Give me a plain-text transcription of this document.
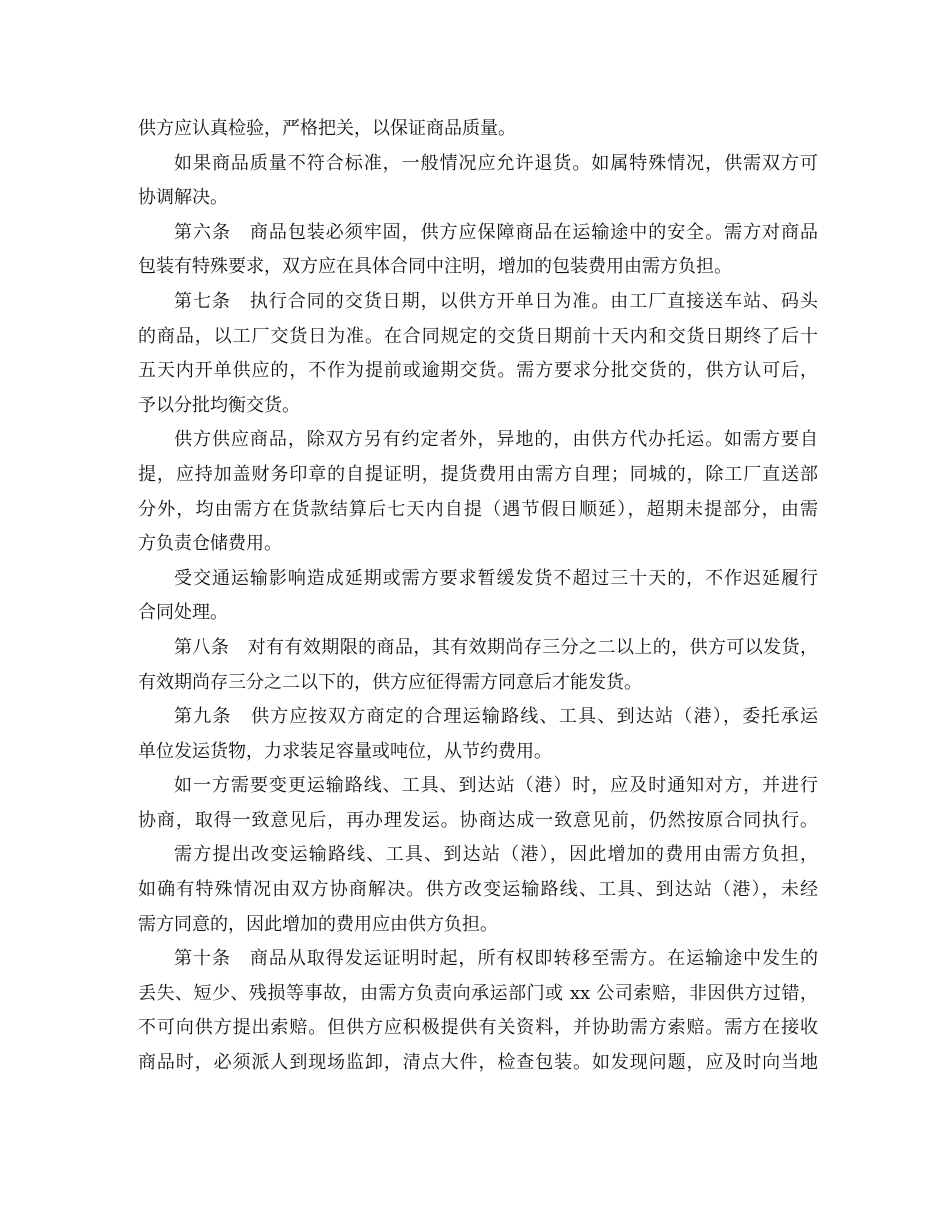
供方应认真检验，严格把关，以保证商品质量。
如果商品质量不符合标准，一般情况应允许退货。如属特殊情况，供需双方可
协调解决。
第六条　商品包装必须牢固，供方应保障商品在运输途中的安全。需方对商品
包装有特殊要求，双方应在具体合同中注明，增加的包装费用由需方负担。
第七条　执行合同的交货日期，以供方开单日为准。由工厂直接送车站、码头
的商品，以工厂交货日为准。在合同规定的交货日期前十天内和交货日期终了后十
五天内开单供应的，不作为提前或逾期交货。需方要求分批交货的，供方认可后，
予以分批均衡交货。
供方供应商品，除双方另有约定者外，异地的，由供方代办托运。如需方要自
提，应持加盖财务印章的自提证明，提货费用由需方自理；同城的，除工厂直送部
分外，均由需方在货款结算后七天内自提（遇节假日顺延），超期未提部分，由需
方负责仓储费用。
受交通运输影响造成延期或需方要求暂缓发货不超过三十天的，不作迟延履行
合同处理。
第八条　对有有效期限的商品，其有效期尚存三分之二以上的，供方可以发货，
有效期尚存三分之二以下的，供方应征得需方同意后才能发货。
第九条　供方应按双方商定的合理运输路线、工具、到达站（港），委托承运
单位发运货物，力求装足容量或吨位，从节约费用。
如一方需要变更运输路线、工具、到达站（港）时，应及时通知对方，并进行
协商，取得一致意见后，再办理发运。协商达成一致意见前，仍然按原合同执行。
需方提出改变运输路线、工具、到达站（港），因此增加的费用由需方负担，
如确有特殊情况由双方协商解决。供方改变运输路线、工具、到达站（港），未经
需方同意的，因此增加的费用应由供方负担。
第十条　商品从取得发运证明时起，所有权即转移至需方。在运输途中发生的
丢失、短少、残损等事故，由需方负责向承运部门或 xx 公司索赔，非因供方过错，
不可向供方提出索赔。但供方应积极提供有关资料，并协助需方索赔。需方在接收
商品时，必须派人到现场监卸，清点大件，检查包装。如发现问题，应及时向当地
